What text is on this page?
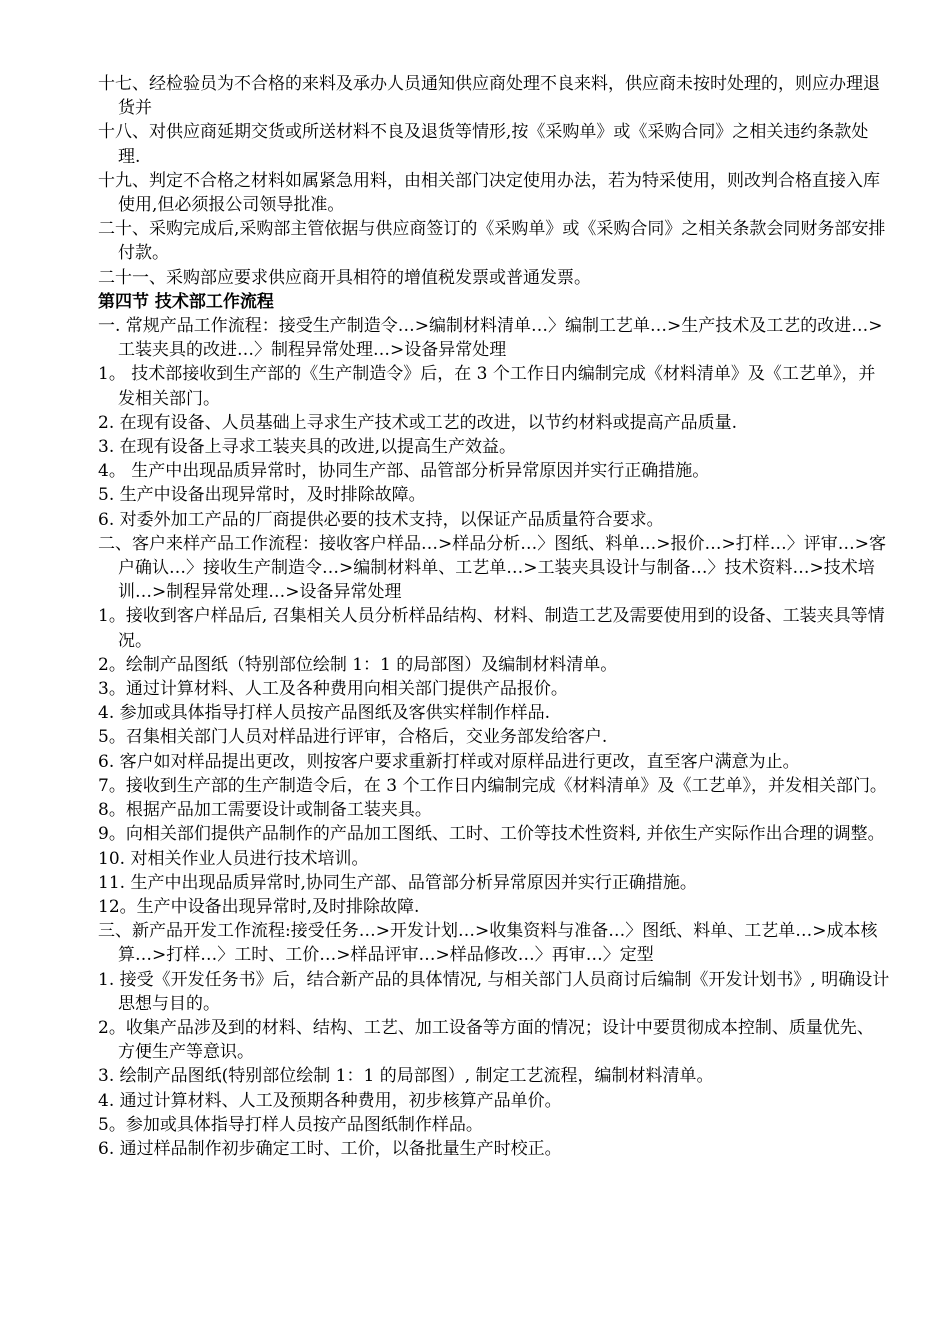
十七、经检验员为不合格的来料及承办人员通知供应商处理不良来料，供应商未按时处理的，则应办理退货并

十八、对供应商延期交货或所送材料不良及退货等情形,按《采购单》或《采购合同》之相关违约条款处理.

十九、判定不合格之材料如属紧急用料，由相关部门决定使用办法，若为特采使用，则改判合格直接入库使用,但必须报公司领导批准。

二十、采购完成后,采购部主管依据与供应商签订的《采购单》或《采购合同》之相关条款会同财务部安排付款。

二十一、采购部应要求供应商开具相符的增值税发票或普通发票。

第四节 技术部工作流程

一. 常规产品工作流程：接受生产制造令…>编制材料清单…〉编制工艺单…>生产技术及工艺的改进…>工装夹具的改进…〉制程异常处理…>设备异常处理

1。 技术部接收到生产部的《生产制造令》后，在 3 个工作日内编制完成《材料清单》及《工艺单》，并发相关部门。

2. 在现有设备、人员基础上寻求生产技术或工艺的改进，以节约材料或提高产品质量.

3. 在现有设备上寻求工装夹具的改进,以提高生产效益。

4。 生产中出现品质异常时，协同生产部、品管部分析异常原因并实行正确措施。

5. 生产中设备出现异常时，及时排除故障。

6. 对委外加工产品的厂商提供必要的技术支持，以保证产品质量符合要求。

二、客户来样产品工作流程：接收客户样品…>样品分析…〉图纸、料单…>报价…>打样…〉评审…>客户确认…〉接收生产制造令…>编制材料单、工艺单…>工装夹具设计与制备…〉技术资料…>技术培训…>制程异常处理…>设备异常处理

1。接收到客户样品后, 召集相关人员分析样品结构、材料、制造工艺及需要使用到的设备、工装夹具等情况。

2。绘制产品图纸（特别部位绘制 1：1 的局部图）及编制材料清单。

3。通过计算材料、人工及各种费用向相关部门提供产品报价。

4. 参加或具体指导打样人员按产品图纸及客供实样制作样品.

5。召集相关部门人员对样品进行评审，合格后，交业务部发给客户.

6. 客户如对样品提出更改，则按客户要求重新打样或对原样品进行更改，直至客户满意为止。

7。接收到生产部的生产制造令后，在 3 个工作日内编制完成《材料清单》及《工艺单》，并发相关部门。

8。根据产品加工需要设计或制备工装夹具。

9。向相关部们提供产品制作的产品加工图纸、工时、工价等技术性资料, 并依生产实际作出合理的调整。

10. 对相关作业人员进行技术培训。

11. 生产中出现品质异常时,协同生产部、品管部分析异常原因并实行正确措施。

12。生产中设备出现异常时,及时排除故障.

三、新产品开发工作流程:接受任务…>开发计划…>收集资料与准备…〉图纸、料单、工艺单…>成本核算…>打样…〉工时、工价…>样品评审…>样品修改…〉再审…〉定型

1. 接受《开发任务书》后，结合新产品的具体情况, 与相关部门人员商讨后编制《开发计划书》, 明确设计思想与目的。

2。收集产品涉及到的材料、结构、工艺、加工设备等方面的情况；设计中要贯彻成本控制、质量优先、方便生产等意识。

3. 绘制产品图纸(特别部位绘制 1：1 的局部图）, 制定工艺流程，编制材料清单。

4. 通过计算材料、人工及预期各种费用，初步核算产品单价。

5。参加或具体指导打样人员按产品图纸制作样品。

6. 通过样品制作初步确定工时、工价，以备批量生产时校正。
